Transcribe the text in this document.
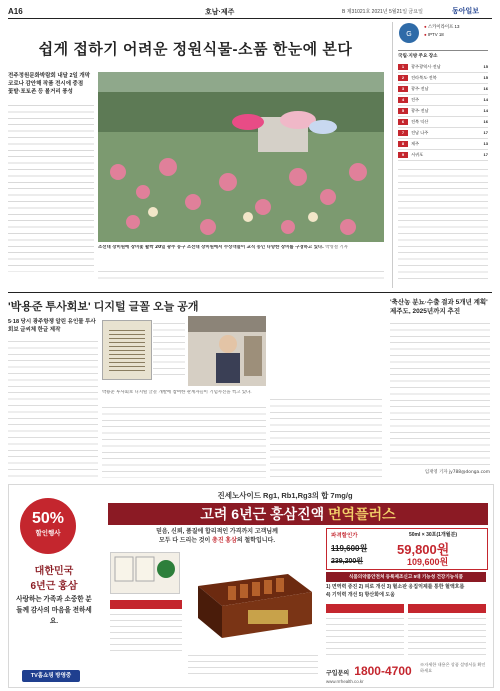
A16	호남·제주	B 제31021호 2021년 5월21일 금요일	동아일보
쉽게 접하기 어려운 정원식물-소품 한눈에 본다
전주정원문화박람회 내달 2일 개막
코로나 감안해 작품 전시에 중점
꽃밭·포토존 등 볼거리 풍성
조선대 장미원에 장미꽃 활짝 20일 광주 동구 조선대 장미원에서 수상객들이 교직 동인 다양한 장미를 구경하고 있다. 박영철 기자
G
● 스카이라이프 13
● IPTV 18
국립·지방 주요 장소
1	광주광역시·전남	15
2	전라북도·전북	15
3	광주·전남	16
4	전주	14
5	광주·전남	14
6	전북 익산	16
7	전남 나주	17
8	제주	13
9	서귀포	17
'박용준 투사회보' 디지털 글꼴 오늘 공개
5·18 당시 광주항쟁 알린 유인물 투사회보 글씨체 한글 제작
박용준 투사회보 디지털 글꼴 개발에 참여한 관계자들이 기념사진을 찍고 있다.
'축산농 분뇨·수출 결과 5개년 계획' 제주도, 2025년까지 추진
임재영 기자 jy788@donga.com
50%
할인행사
대한민국
6년근 홍삼
사랑하는 가족과 소중한 분들께 감사의 마음을 전하세요.
TV홈쇼핑 방영중
진세노사이드 Rg1, Rb1,Rg3의 합 7mg/g
고려 6년근 홍삼진액 면역플러스
믿음, 신뢰, 품질에 합리적인 가격까지 고객님께
모두 다 드리는 것이 총진 홍삼의 철학입니다.
파격할인가
119,600원
50ml × 30포(1개월분)
59,800원
239,200원	109,600원
식품의약품안전처 등록제조신고 5대 기능성 건강기능식품
1) 면역력 증진 2) 피로 개선 3) 혈소판 응집억제를 통한 혈액흐름
4) 기억력 개선 5) 항산화에 도움
구입문의 1800-4700
www.rrrhealth.co.kr
※자세한 내용은 상품 설명서를 확인하세요
